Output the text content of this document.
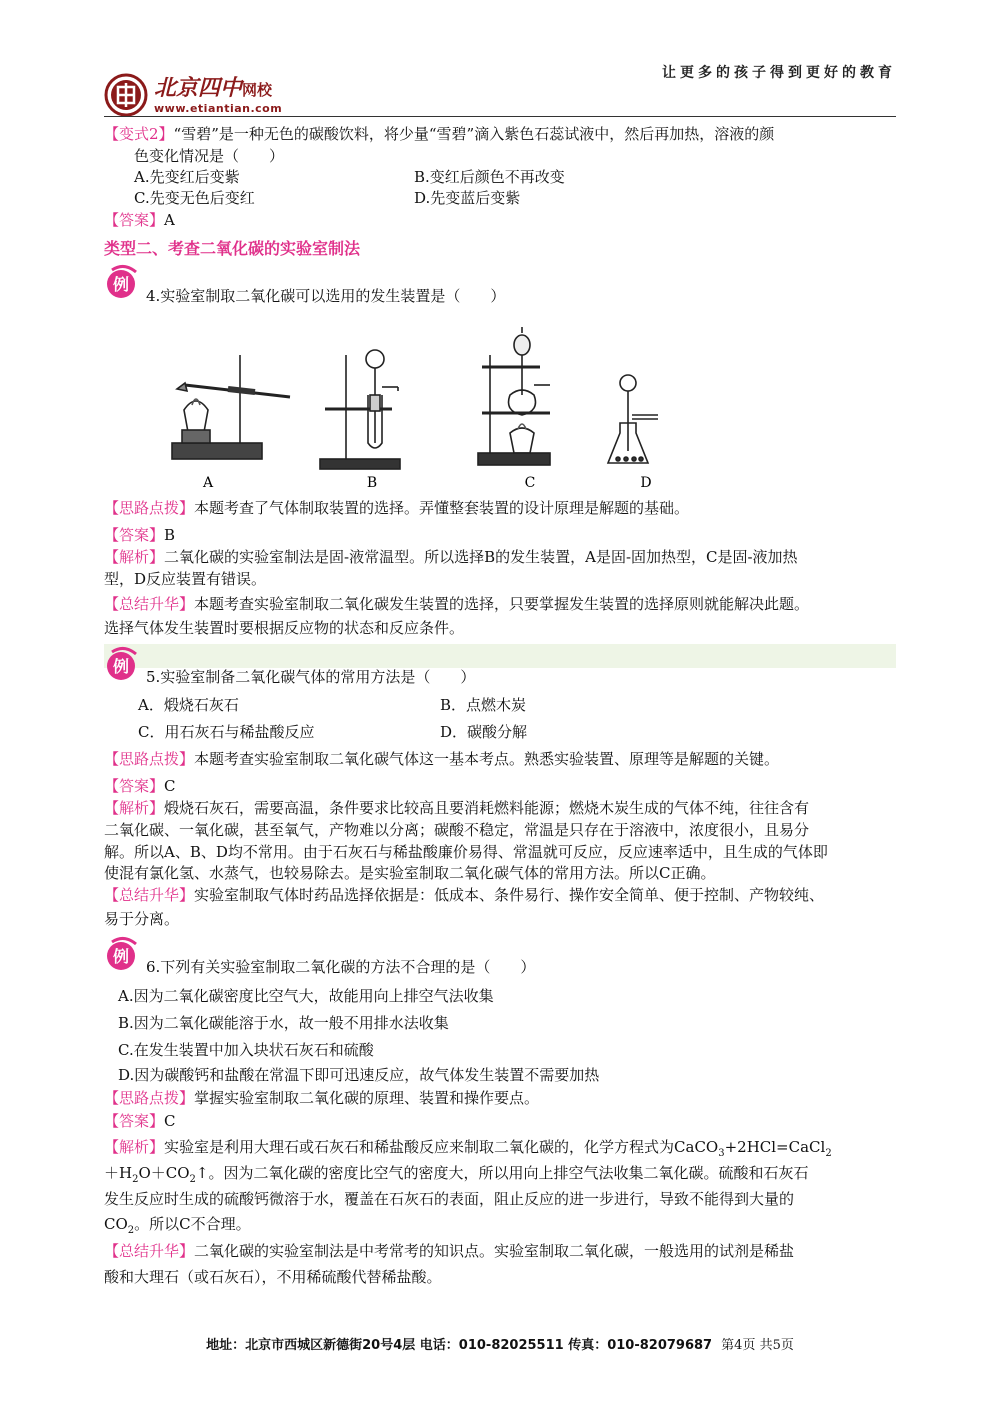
北京四中网校
www.etiantian.com
让更多的孩子得到更好的教育
【变式2】“雪碧”是一种无色的碳酸饮料，将少量“雪碧”滴入紫色石蕊试液中，然后再加热，溶液的颜
色变化情况是（　　）
A.先变红后变紫	B.变红后颜色不再改变
C.先变无色后变红	D.先变蓝后变紫
【答案】A
类型二、考查二氧化碳的实验室制法
例
4.实验室制取二氧化碳可以选用的发生装置是（　　）
A	B	C	D
【思路点拨】本题考查了气体制取装置的选择。弄懂整套装置的设计原理是解题的基础。
【答案】B
【解析】二氧化碳的实验室制法是固-液常温型。所以选择B的发生装置，A是固-固加热型，C是固-液加热
型，D反应装置有错误。
【总结升华】本题考查实验室制取二氧化碳发生装置的选择，只要掌握发生装置的选择原则就能解决此题。
选择气体发生装置时要根据反应物的状态和反应条件。
例
5.实验室制备二氧化碳气体的常用方法是（　　）
A．煅烧石灰石	B．点燃木炭
C．用石灰石与稀盐酸反应	D．碳酸分解
【思路点拨】本题考查实验室制取二氧化碳气体这一基本考点。熟悉实验装置、原理等是解题的关键。
【答案】C
【解析】煅烧石灰石，需要高温，条件要求比较高且要消耗燃料能源；燃烧木炭生成的气体不纯，往往含有
二氧化碳、一氧化碳，甚至氧气，产物难以分离；碳酸不稳定，常温是只存在于溶液中，浓度很小，且易分
解。所以A、B、D均不常用。由于石灰石与稀盐酸廉价易得、常温就可反应，反应速率适中，且生成的气体即
使混有氯化氢、水蒸气，也较易除去。是实验室制取二氧化碳气体的常用方法。所以C正确。
【总结升华】实验室制取气体时药品选择依据是：低成本、条件易行、操作安全简单、便于控制、产物较纯、
易于分离。
例
6.下列有关实验室制取二氧化碳的方法不合理的是（　　）
A.因为二氧化碳密度比空气大，故能用向上排空气法收集
B.因为二氧化碳能溶于水，故一般不用排水法收集
C.在发生装置中加入块状石灰石和硫酸
D.因为碳酸钙和盐酸在常温下即可迅速反应，故气体发生装置不需要加热
【思路点拨】掌握实验室制取二氧化碳的原理、装置和操作要点。
【答案】C
【解析】实验室是利用大理石或石灰石和稀盐酸反应来制取二氧化碳的，化学方程式为CaCO$_3$+2HCl=CaCl$_2$
$+H_2O+CO_2↑$。因为二氧化碳的密度比空气的密度大，所以用向上排空气法收集二氧化碳。硫酸和石灰石
发生反应时生成的硫酸钙微溶于水，覆盖在石灰石的表面，阻止反应的进一步进行，导致不能得到大量的
$CO_2$。所以C不合理。
【总结升华】二氧化碳的实验室制法是中考常考的知识点。实验室制取二氧化碳，一般选用的试剂是稀盐
酸和大理石（或石灰石），不用稀硫酸代替稀盐酸。
地址：北京市西城区新德街20号4层 电话：010-82025511 传真：010-82079687 第4页 共5页
